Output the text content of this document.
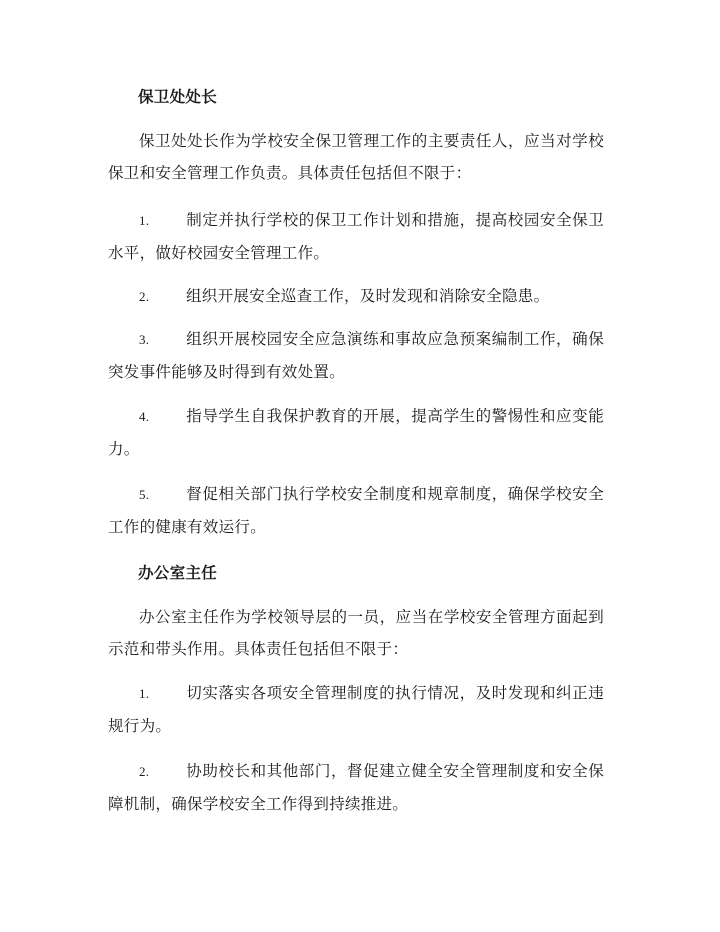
保卫处处长
保卫处处长作为学校安全保卫管理工作的主要责任人，应当对学校保卫和安全管理工作负责。具体责任包括但不限于：
1. 制定并执行学校的保卫工作计划和措施，提高校园安全保卫水平，做好校园安全管理工作。
2. 组织开展安全巡查工作，及时发现和消除安全隐患。
3. 组织开展校园安全应急演练和事故应急预案编制工作，确保突发事件能够及时得到有效处置。
4. 指导学生自我保护教育的开展，提高学生的警惕性和应变能力。
5. 督促相关部门执行学校安全制度和规章制度，确保学校安全工作的健康有效运行。
办公室主任
办公室主任作为学校领导层的一员，应当在学校安全管理方面起到示范和带头作用。具体责任包括但不限于：
1. 切实落实各项安全管理制度的执行情况，及时发现和纠正违规行为。
2. 协助校长和其他部门，督促建立健全安全管理制度和安全保障机制，确保学校安全工作得到持续推进。
